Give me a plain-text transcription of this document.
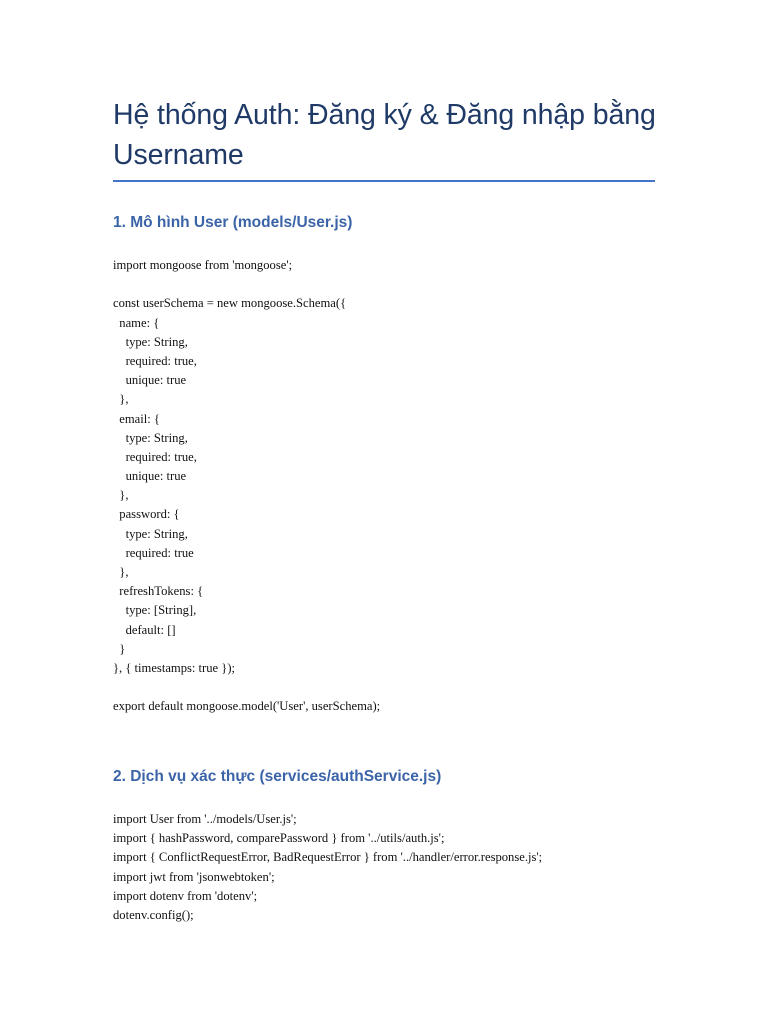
Hệ thống Auth: Đăng ký & Đăng nhập bằng Username
1. Mô hình User (models/User.js)
import mongoose from 'mongoose';
const userSchema = new mongoose.Schema({
name: {
type: String,
required: true,
unique: true
},
email: {
type: String,
required: true,
unique: true
},
password: {
type: String,
required: true
},
refreshTokens: {
type: [String],
default: []
}
}, { timestamps: true });
export default mongoose.model('User', userSchema);
2. Dịch vụ xác thực (services/authService.js)
import User from '../models/User.js';
import { hashPassword, comparePassword } from '../utils/auth.js';
import { ConflictRequestError, BadRequestError } from '../handler/error.response.js';
import jwt from 'jsonwebtoken';
import dotenv from 'dotenv';
dotenv.config();
